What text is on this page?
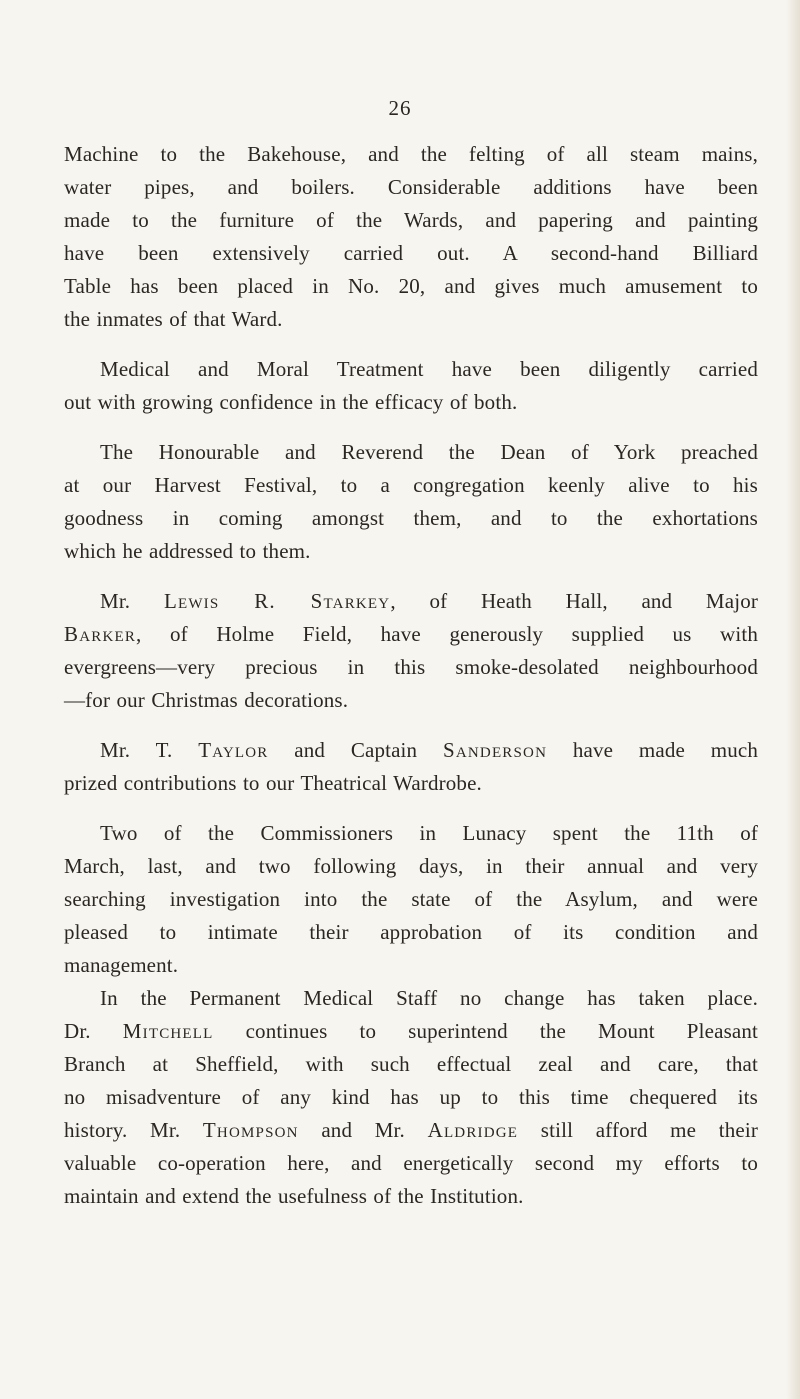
26
Machine to the Bakehouse, and the felting of all steam mains,
water pipes, and boilers. Considerable additions have been
made to the furniture of the Wards, and papering and painting
have been extensively carried out. A second-hand Billiard
Table has been placed in No. 20, and gives much amusement to
the inmates of that Ward.
Medical and Moral Treatment have been diligently carried
out with growing confidence in the efficacy of both.
The Honourable and Reverend the Dean of York preached
at our Harvest Festival, to a congregation keenly alive to his
goodness in coming amongst them, and to the exhortations
which he addressed to them.
Mr. Lewis R. Starkey, of Heath Hall, and Major
Barker, of Holme Field, have generously supplied us with
evergreens—very precious in this smoke-desolated neighbourhood
—for our Christmas decorations.
Mr. T. Taylor and Captain Sanderson have made much
prized contributions to our Theatrical Wardrobe.
Two of the Commissioners in Lunacy spent the 11th of
March, last, and two following days, in their annual and very
searching investigation into the state of the Asylum, and were
pleased to intimate their approbation of its condition and
management.
In the Permanent Medical Staff no change has taken place.
Dr. Mitchell continues to superintend the Mount Pleasant
Branch at Sheffield, with such effectual zeal and care, that
no misadventure of any kind has up to this time chequered its
history. Mr. Thompson and Mr. Aldridge still afford me their
valuable co-operation here, and energetically second my efforts to
maintain and extend the usefulness of the Institution.
